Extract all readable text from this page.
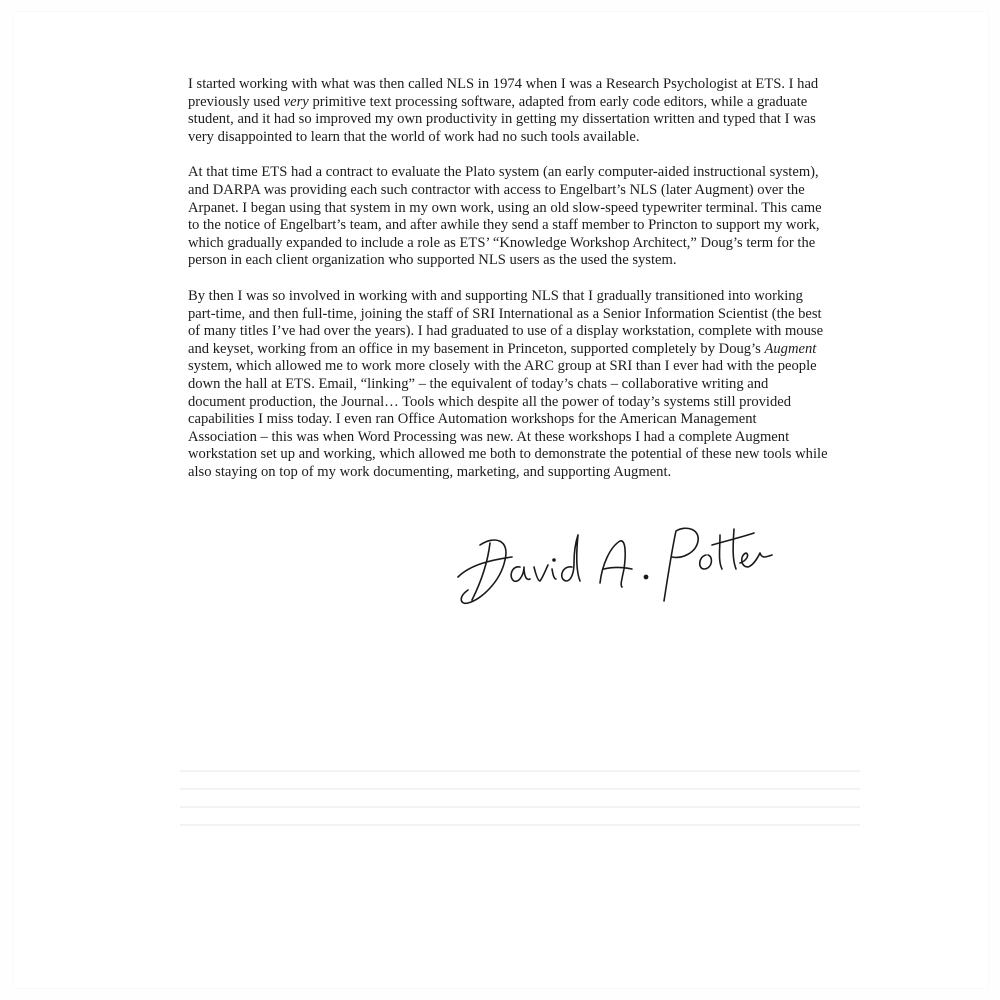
I started working with what was then called NLS in 1974 when I was a Research Psychologist at ETS. I had previously used very primitive text processing software, adapted from early code editors, while a graduate student, and it had so improved my own productivity in getting my dissertation written and typed that I was very disappointed to learn that the world of work had no such tools available.

At that time ETS had a contract to evaluate the Plato system (an early computer-aided instructional system), and DARPA was providing each such contractor with access to Engelbart’s NLS (later Augment) over the Arpanet. I began using that system in my own work, using an old slow-speed typewriter terminal. This came to the notice of Engelbart’s team, and after awhile they send a staff member to Princton to support my work, which gradually expanded to include a role as ETS’ “Knowledge Workshop Architect,” Doug’s term for the person in each client organization who supported NLS users as the used the system.

By then I was so involved in working with and supporting NLS that I gradually transitioned into working part-time, and then full-time, joining the staff of SRI International as a Senior Information Scientist (the best of many titles I’ve had over the years). I had graduated to use of a display workstation, complete with mouse and keyset, working from an office in my basement in Princeton, supported completely by Doug’s Augment system, which allowed me to work more closely with the ARC group at SRI than I ever had with the people down the hall at ETS. Email, “linking” – the equivalent of today’s chats – collaborative writing and document production, the Journal… Tools which despite all the power of today’s systems still provided capabilities I miss today. I even ran Office Automation workshops for the American Management Association – this was when Word Processing was new. At these workshops I had a complete Augment workstation set up and working, which allowed me both to demonstrate the potential of these new tools while also staying on top of my work documenting, marketing, and supporting Augment.
